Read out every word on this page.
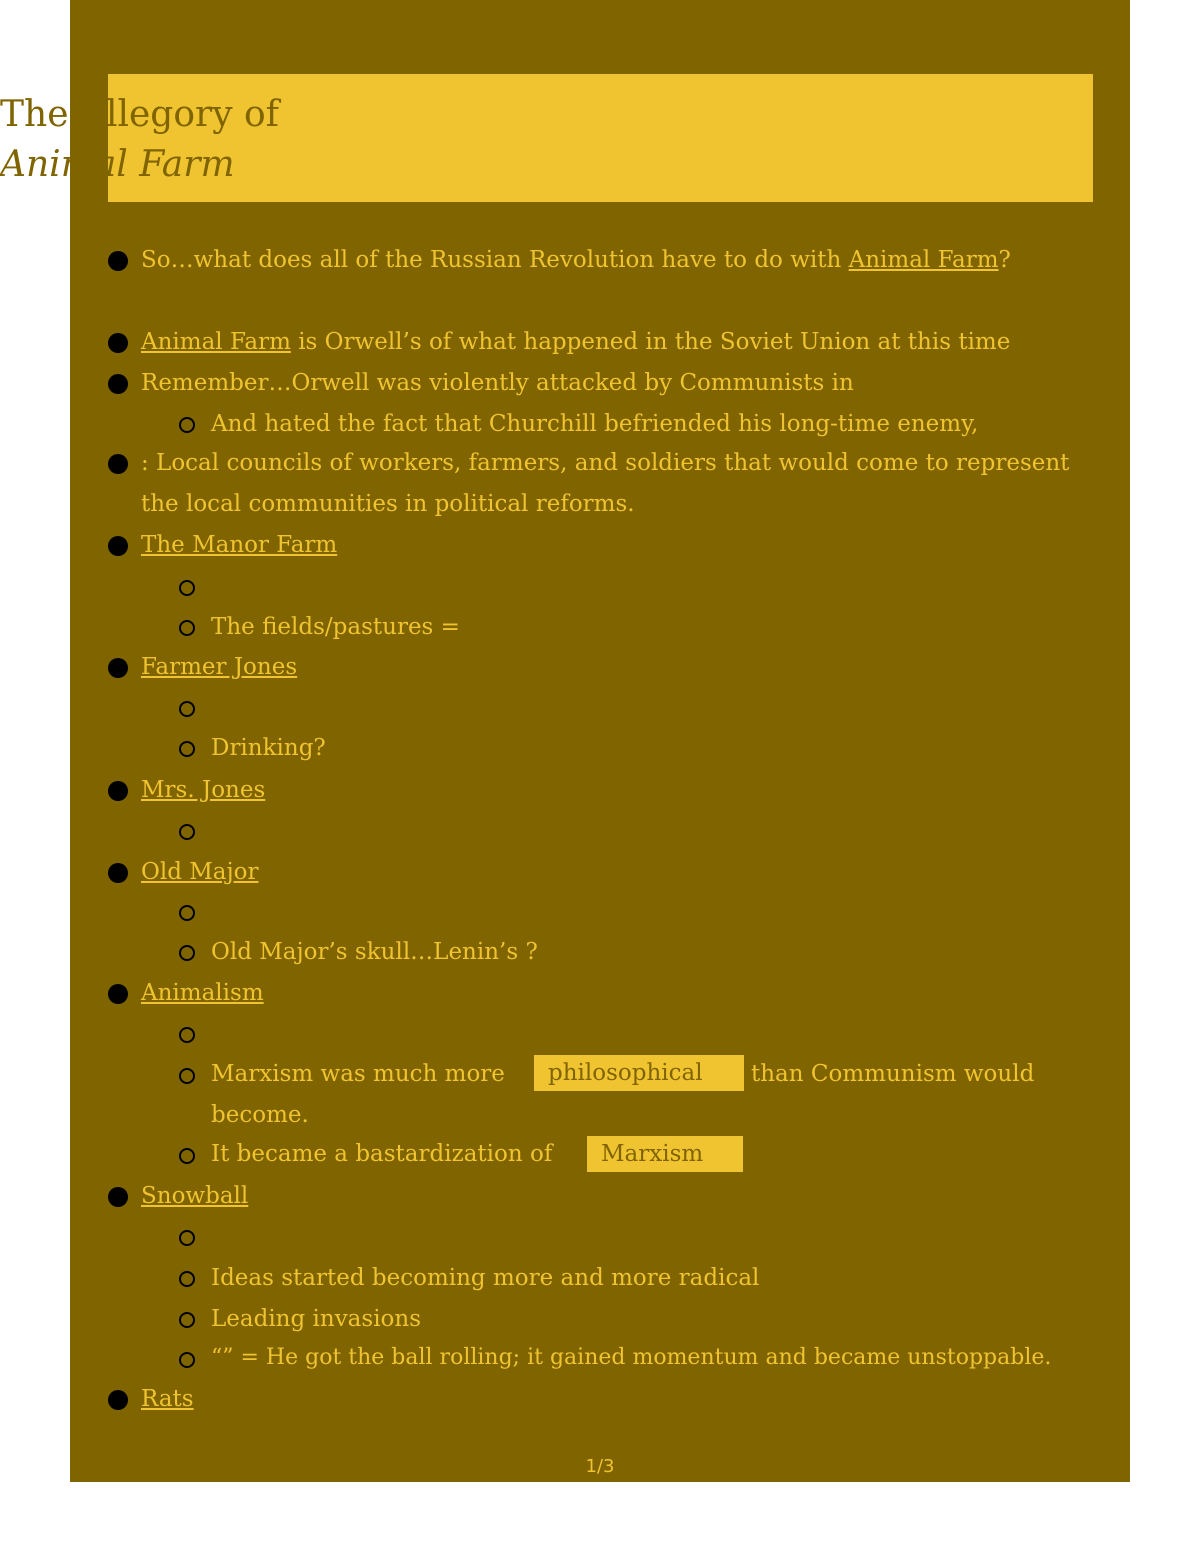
The Allegory of
Animal Farm
So…what does all of the Russian Revolution have to do with Animal Farm?
Animal Farm is Orwell’s of what happened in the Soviet Union at this time
Remember…Orwell was violently attacked by Communists in
And hated the fact that Churchill befriended his long-time enemy,
: Local councils of workers, farmers, and soldiers that would come to represent
the local communities in political reforms.
The Manor Farm
The fields/pastures =
Farmer Jones
Drinking?
Mrs. Jones
Old Major
Old Major’s skull…Lenin’s ?
Animalism
Marxism was much more	philosophical	than Communism would
become.
It became a bastardization of	Marxism
Snowball
Ideas started becoming more and more radical
Leading invasions
“” = He got the ball rolling; it gained momentum and became unstoppable.
Rats
1/3
